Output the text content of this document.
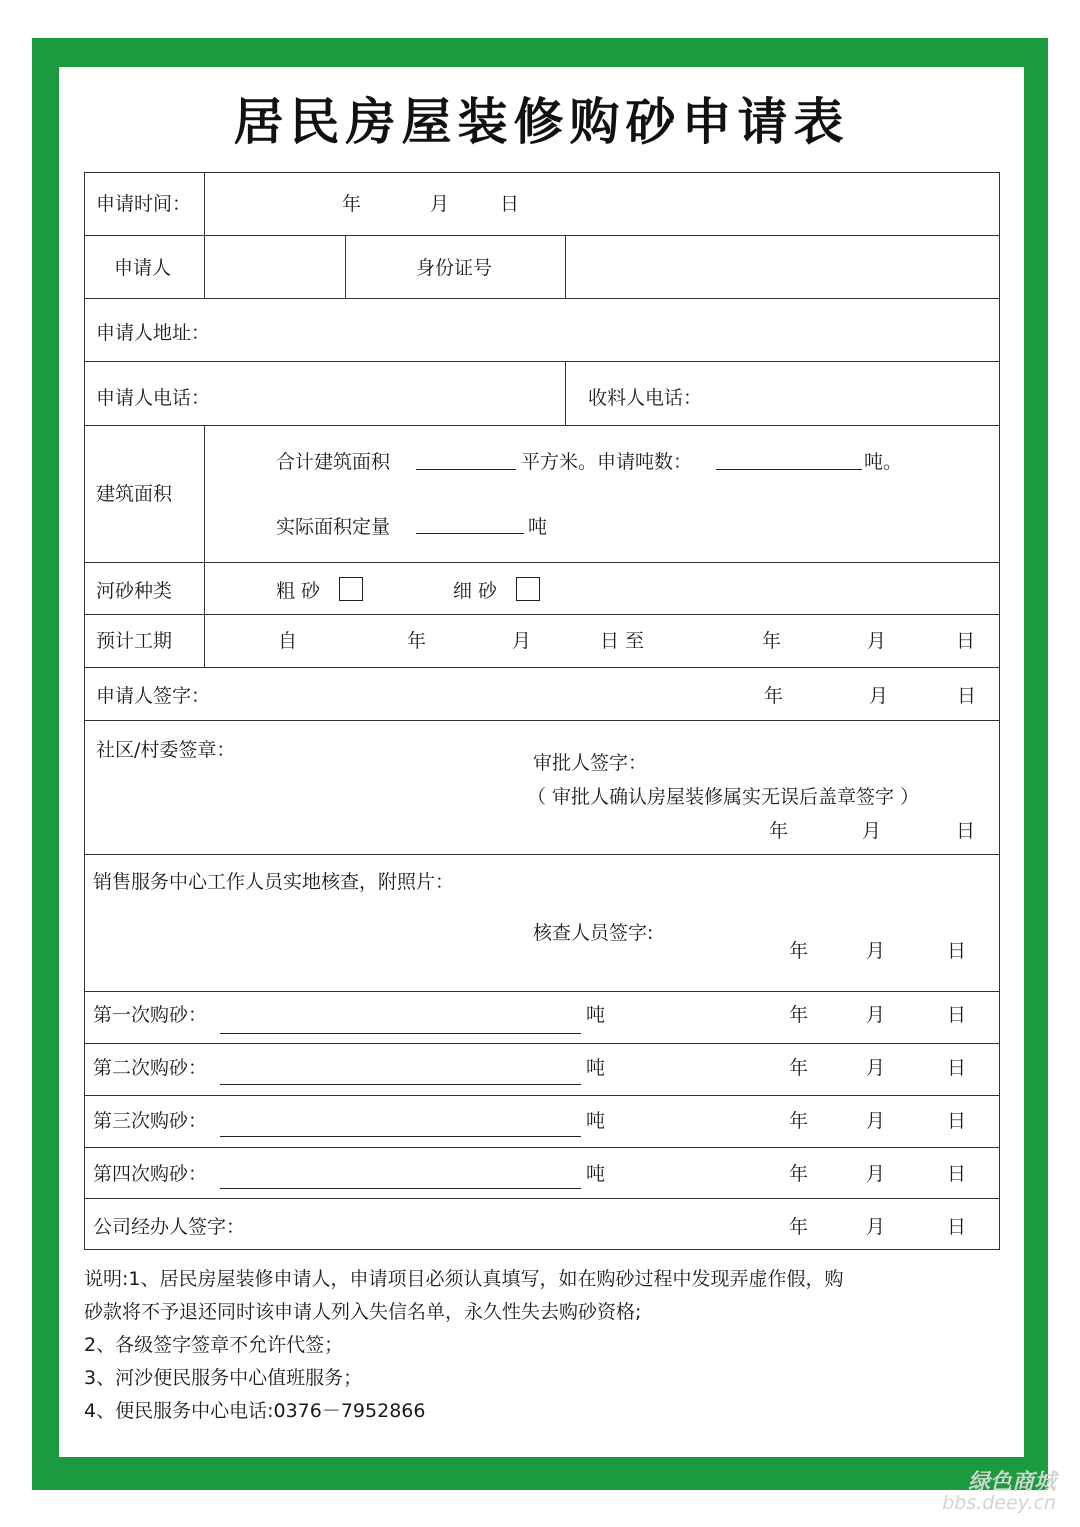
居民房屋装修购砂申请表
申请时间：	年	月	日
申请人	身份证号
申请人地址：
申请人电话：	收料人电话：
建筑面积
合计建筑面积	平方米。申请吨数：	吨。
实际面积定量	吨
河砂种类	粗 砂	细 砂
预计工期	自	年	月	日 至	年	月	日
申请人签字：	年	月	日
社区/村委签章：
审批人签字：
（ 审批人确认房屋装修属实无误后盖章签字 ）
年	月	日
销售服务中心工作人员实地核查，附照片：
核查人员签字:
年	月	日
第一次购砂：	吨	年	月	日
第二次购砂：	吨	年	月	日
第三次购砂：	吨	年	月	日
第四次购砂：	吨	年	月	日
公司经办人签字：	年	月	日
说明:1、居民房屋装修申请人，申请项目必须认真填写，如在购砂过程中发现弄虚作假，购
砂款将不予退还同时该申请人列入失信名单，永久性失去购砂资格;
2、各级签字签章不允许代签；
3、河沙便民服务中心值班服务；
4、便民服务中心电话:0376－7952866
绿色商城
bbs.deey.cn
